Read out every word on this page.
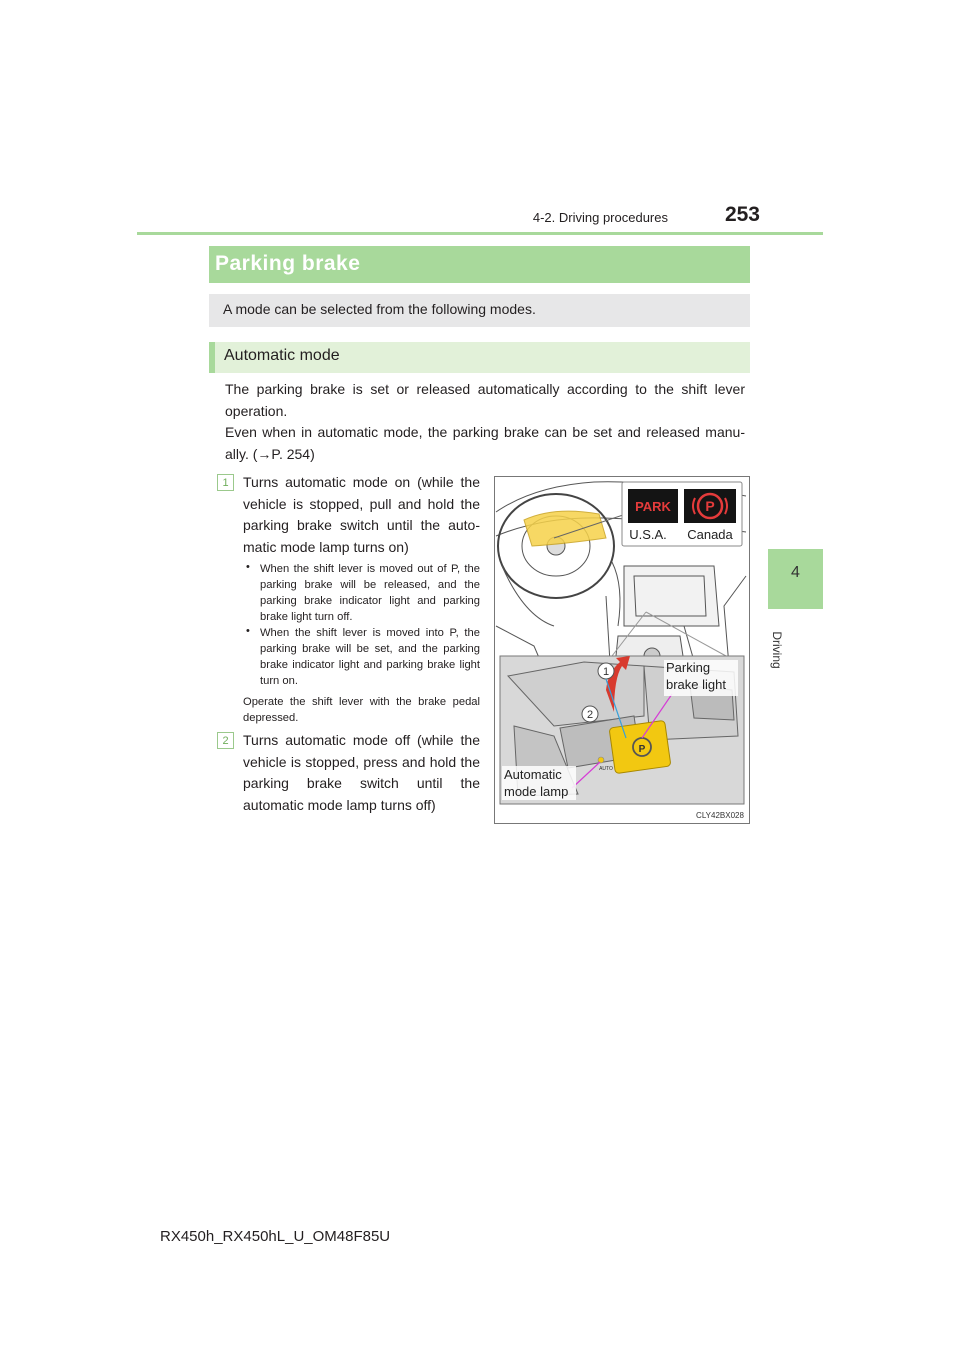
4-2. Driving procedures	253
4
Driving
Parking brake
A mode can be selected from the following modes.
Automatic mode
The parking brake is set or released automatically according to the shift lever operation.
Even when in automatic mode, the parking brake can be set and released manu-ally. (→P. 254)
1	Turns automatic mode on (while the vehicle is stopped, pull and hold the parking brake switch until the auto-matic mode lamp turns on)
• When the shift lever is moved out of P, the parking brake will be released, and the parking brake indicator light and parking brake light turn off.
• When the shift lever is moved into P, the parking brake will be set, and the parking brake indicator light and parking brake light turn on.
Operate the shift lever with the brake pedal depressed.
2	Turns automatic mode off (while the vehicle is stopped, press and hold the parking brake switch until the automatic mode lamp turns off)
PARK P
U.S.A. Canada
P
AUTO
1
2
Parking
brake light
Automatic
mode lamp
CLY42BX028
RX450h_RX450hL_U_OM48F85U
